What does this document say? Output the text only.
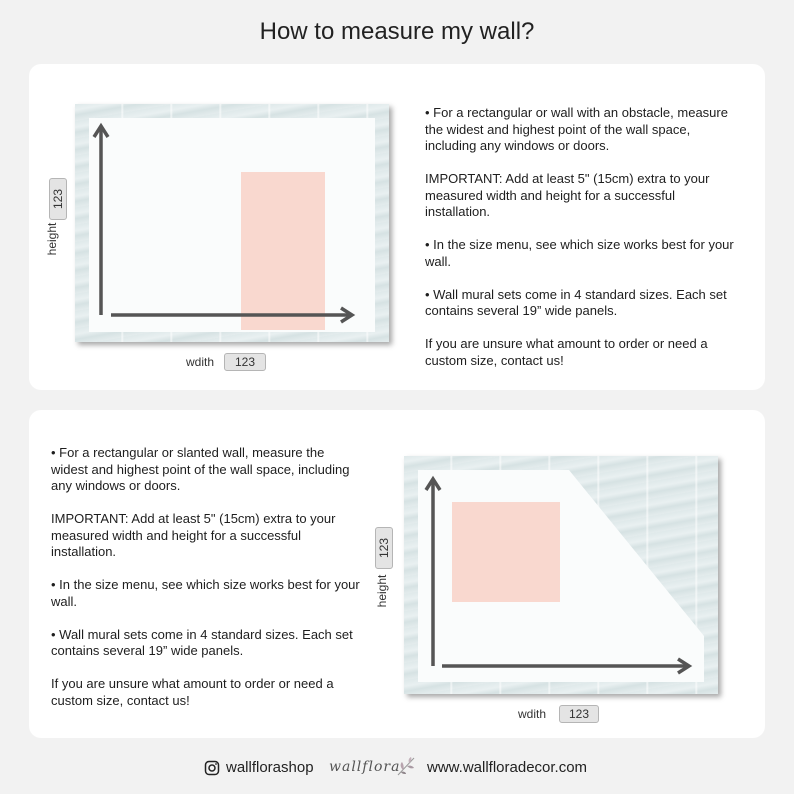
How to measure my wall?
height
123
wdith	123
• For a rectangular or wall with an obstacle, measure the widest and highest point of the wall space, including any windows or doors.

IMPORTANT: Add at least 5" (15cm) extra to your measured width and height for a successful installation.

• In the size menu, see which size works best for your wall.

• Wall mural sets come in 4 standard sizes. Each set contains several 19” wide panels.

If you are unsure what amount to order or need a custom size, contact us!
• For a rectangular or slanted wall, measure the widest and highest point of the wall space, including any windows or doors.

IMPORTANT: Add at least 5" (15cm) extra to your measured width and height for a successful installation.

• In the size menu, see which size works best for your wall.

• Wall mural sets come in 4 standard sizes. Each set contains several 19” wide panels.

If you are unsure what amount to order or need a custom size, contact us!
height
123
wdith	123
wallflorashop wallflora www.wallfloradecor.com
